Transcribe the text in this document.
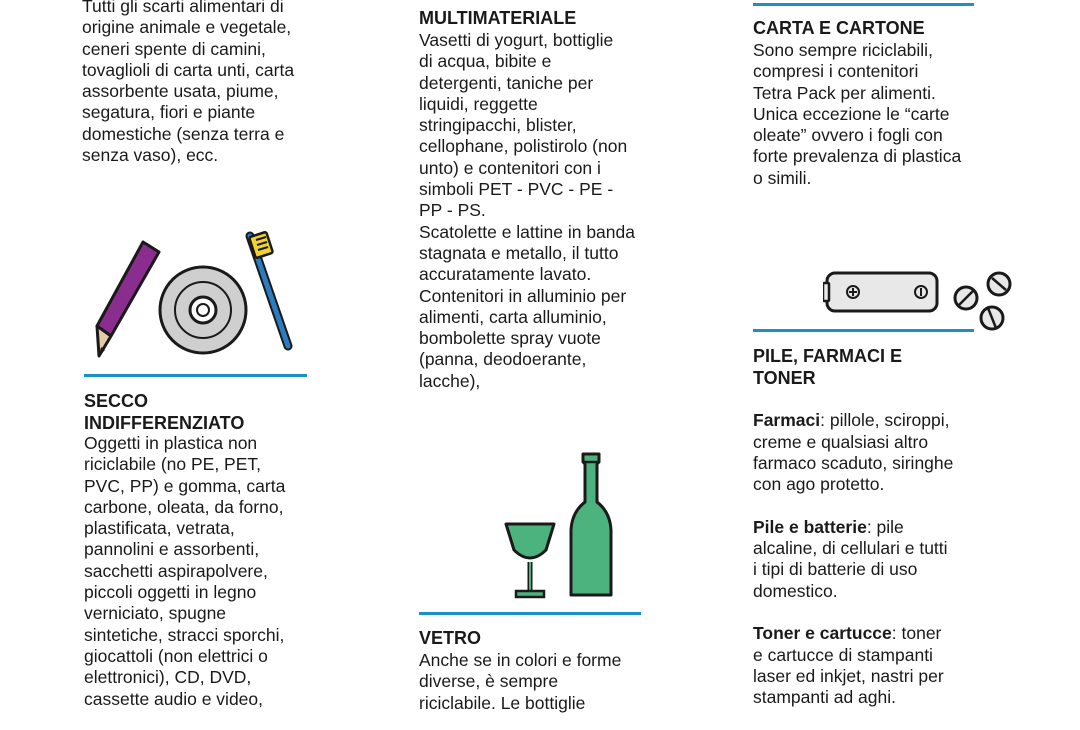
Tutti gli scarti alimentari di
origine animale e vegetale,
ceneri spente di camini,
tovaglioli di carta unti, carta
assorbente usata, piume,
segatura, fiori e piante
domestiche (senza terra e
senza vaso), ecc.

SECCO
INDIFFERENZIATO

Oggetti in plastica non
riciclabile (no PE, PET,
PVC, PP) e gomma, carta
carbone, oleata, da forno,
plastificata, vetrata,
pannolini e assorbenti,
sacchetti aspirapolvere,
piccoli oggetti in legno
verniciato, spugne
sintetiche, stracci sporchi,
giocattoli (non elettrici o
elettronici), CD, DVD,
cassette audio e video,

MULTIMATERIALE

Vasetti di yogurt, bottiglie
di acqua, bibite e
detergenti, taniche per
liquidi, reggette
stringipacchi, blister,
cellophane, polistirolo (non
unto) e contenitori con i
simboli PET - PVC - PE -
PP - PS.
Scatolette e lattine in banda
stagnata e metallo, il tutto
accuratamente lavato.
Contenitori in alluminio per
alimenti, carta alluminio,
bombolette spray vuote
(panna, deodoerante,
lacche),

VETRO

Anche se in colori e forme
diverse, è sempre
riciclabile. Le bottiglie

CARTA E CARTONE

Sono sempre riciclabili,
compresi i contenitori
Tetra Pack per alimenti.
Unica eccezione le “carte
oleate” ovvero i fogli con
forte prevalenza di plastica
o simili.

PILE, FARMACI E
TONER

Farmaci: pillole, sciroppi,
creme e qualsiasi altro
farmaco scaduto, siringhe
con ago protetto.

Pile e batterie: pile
alcaline, di cellulari e tutti
i tipi di batterie di uso
domestico.

Toner e cartucce: toner
e cartucce di stampanti
laser ed inkjet, nastri per
stampanti ad aghi.
